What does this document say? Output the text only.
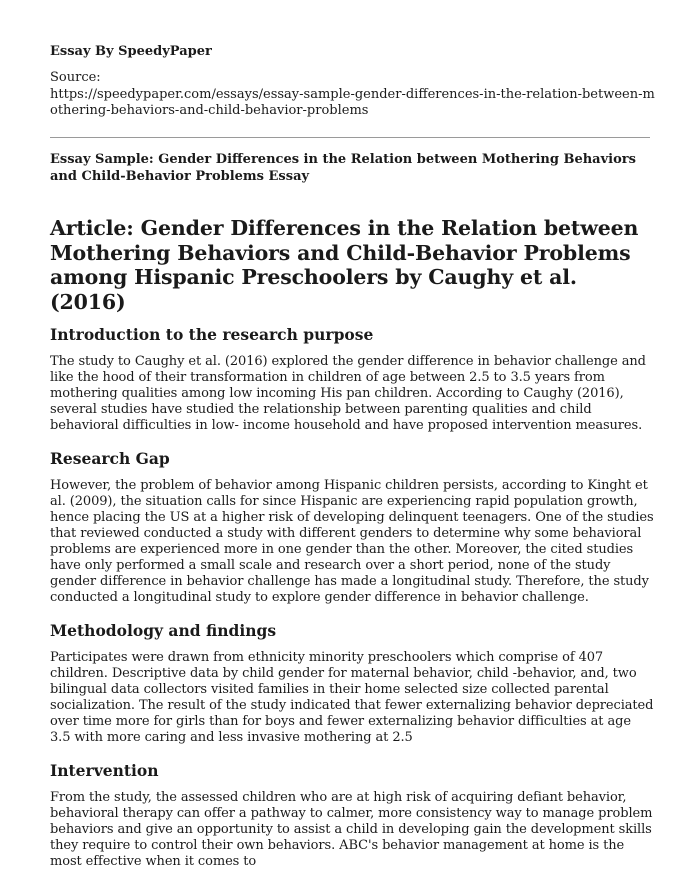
Essay By SpeedyPaper

Source:
https://speedypaper.com/essays/essay-sample-gender-differences-in-the-relation-between-mothering-behaviors-and-child-behavior-problems

Essay Sample: Gender Differences in the Relation between Mothering Behaviors and Child-Behavior Problems Essay

Article: Gender Differences in the Relation between Mothering Behaviors and Child-Behavior Problems among Hispanic Preschoolers by Caughy et al. (2016)
Introduction to the research purpose

The study to Caughy et al. (2016) explored the gender difference in behavior challenge and like the hood of their transformation in children of age between 2.5 to 3.5 years from mothering qualities among low incoming His pan children. According to Caughy (2016), several studies have studied the relationship between parenting qualities and child behavioral difficulties in low- income household and have proposed intervention measures.

Research Gap

However, the problem of behavior among Hispanic children persists, according to Kinght et al. (2009), the situation calls for since Hispanic are experiencing rapid population growth, hence placing the US at a higher risk of developing delinquent teenagers. One of the studies that reviewed conducted a study with different genders to determine why some behavioral problems are experienced more in one gender than the other. Moreover, the cited studies have only performed a small scale and research over a short period, none of the study gender difference in behavior challenge has made a longitudinal study. Therefore, the study conducted a longitudinal study to explore gender difference in behavior challenge.

Methodology and findings

Participates were drawn from ethnicity minority preschoolers which comprise of 407 children. Descriptive data by child gender for maternal behavior, child -behavior, and, two bilingual data collectors visited families in their home selected size collected parental socialization. The result of the study indicated that fewer externalizing behavior depreciated over time more for girls than for boys and fewer externalizing behavior difficulties at age 3.5 with more caring and less invasive mothering at 2.5

Intervention

From the study, the assessed children who are at high risk of acquiring defiant behavior, behavioral therapy can offer a pathway to calmer, more consistency way to manage problem behaviors and give an opportunity to assist a child in developing gain the development skills they require to control their own behaviors. ABC's behavior management at home is the most effective when it comes to
